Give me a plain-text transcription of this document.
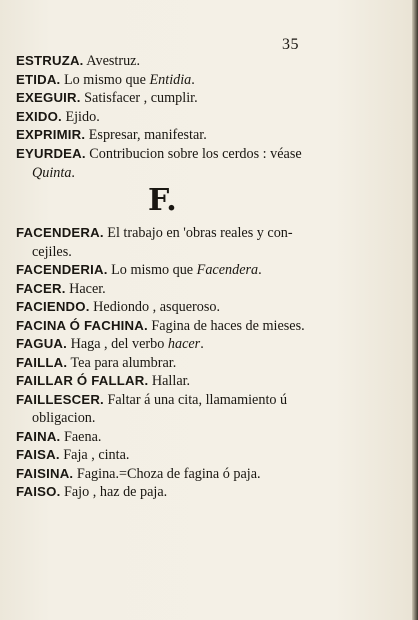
35

ESTRUZA. Avestruz.

ETIDA. Lo mismo que Entidia.

EXEGUIR. Satisfacer , cumplir.

EXIDO. Ejido.

EXPRIMIR. Espresar, manifestar.

EYURDEA. Contribucion sobre los cerdos : véase
Quinta.

F.

FACENDERA. El trabajo en 'obras reales y con-
cejiles.

FACENDERIA. Lo mismo que Facendera.

FACER. Hacer.

FACIENDO. Hediondo , asqueroso.

FACINA Ó FACHINA. Fagina de haces de mieses.

FAGUA. Haga , del verbo hacer.

FAILLA. Tea para alumbrar.

FAILLAR Ó FALLAR. Hallar.

FAILLESCER. Faltar á una cita, llamamiento ú
obligacion.

FAINA. Faena.

FAISA. Faja , cinta.

FAISINA. Fagina.=Choza de fagina ó paja.

FAISO. Fajo , haz de paja.
